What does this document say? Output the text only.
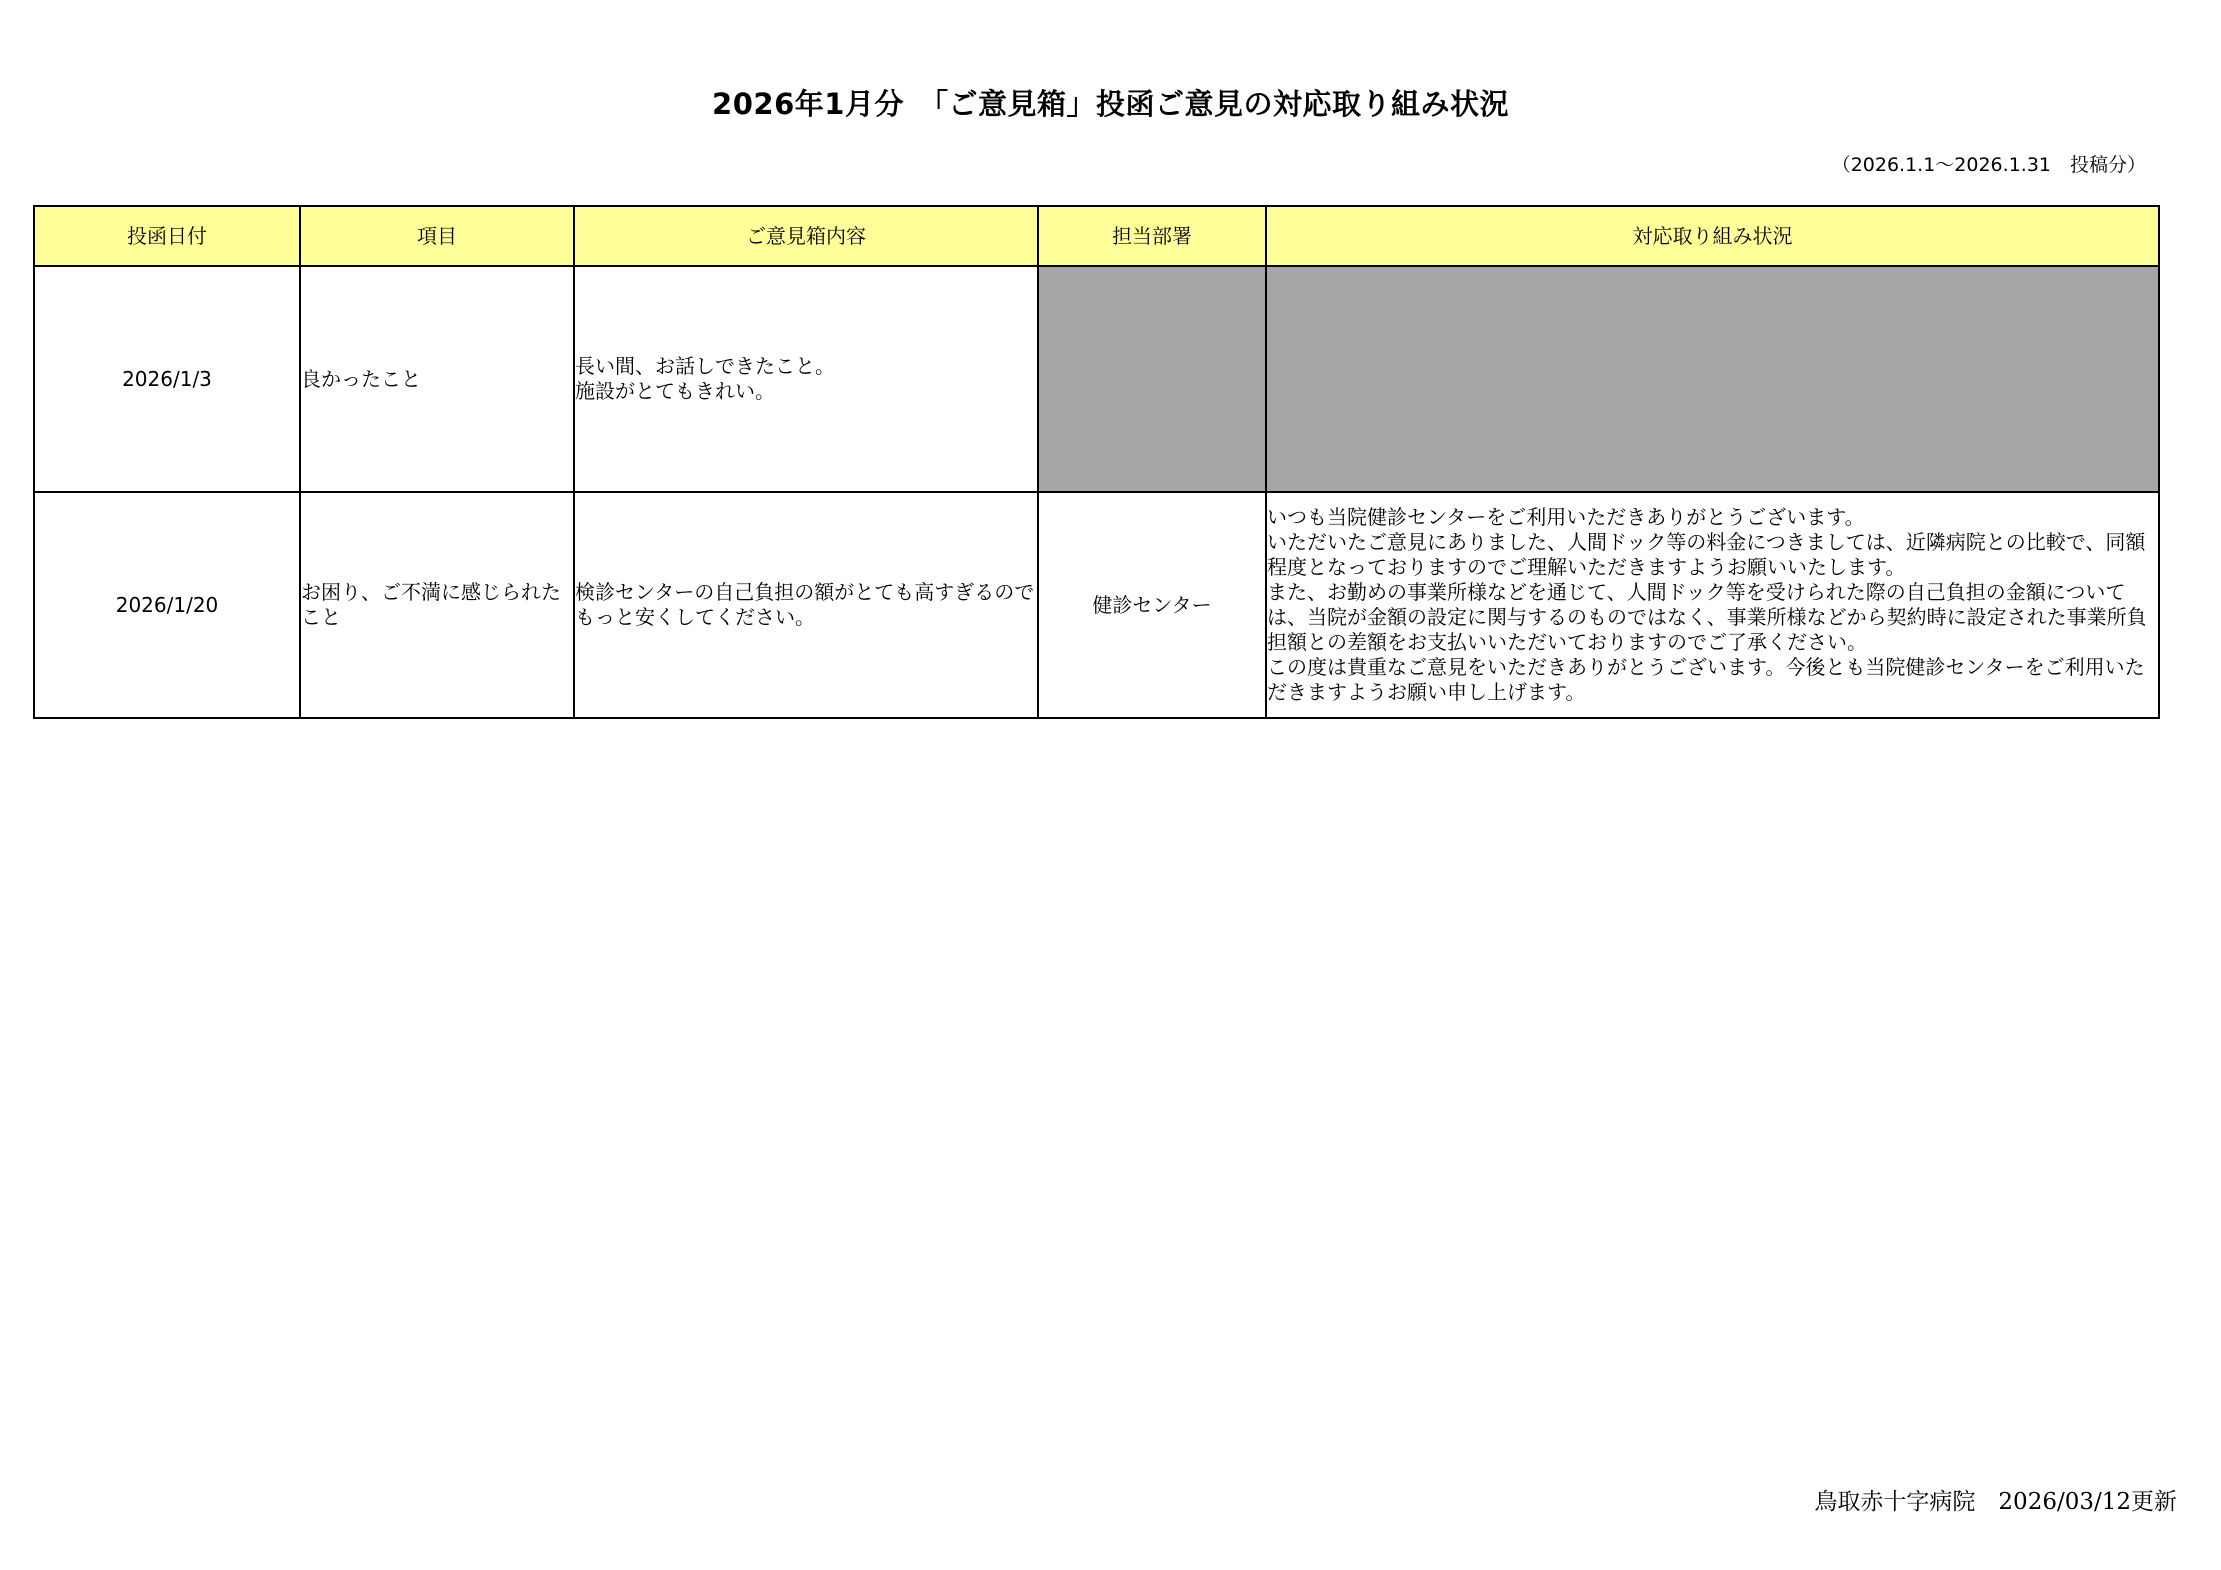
2026年1月分　「ご意見箱」投函ご意見の対応取り組み状況
（2026.1.1～2026.1.31　投稿分）
投函日付	項目	ご意見箱内容	担当部署	対応取り組み状況
2026/1/3	良かったこと	長い間、お話しできたこと。
施設がとてもきれい。		
2026/1/20	お困り、ご不満に感じられたこと	検診センターの自己負担の額がとても高すぎるのでもっと安くしてください。	健診センター	いつも当院健診センターをご利用いただきありがとうございます。
いただいたご意見にありました、人間ドック等の料金につきましては、近隣病院との比較で、同額程度となっておりますのでご理解いただきますようお願いいたします。
また、お勤めの事業所様などを通じて、人間ドック等を受けられた際の自己負担の金額については、当院が金額の設定に関与するのものではなく、事業所様などから契約時に設定された事業所負担額との差額をお支払いいただいておりますのでご了承ください。
この度は貴重なご意見をいただきありがとうございます。今後とも当院健診センターをご利用いただきますようお願い申し上げます。
鳥取赤十字病院　2026/03/12更新
